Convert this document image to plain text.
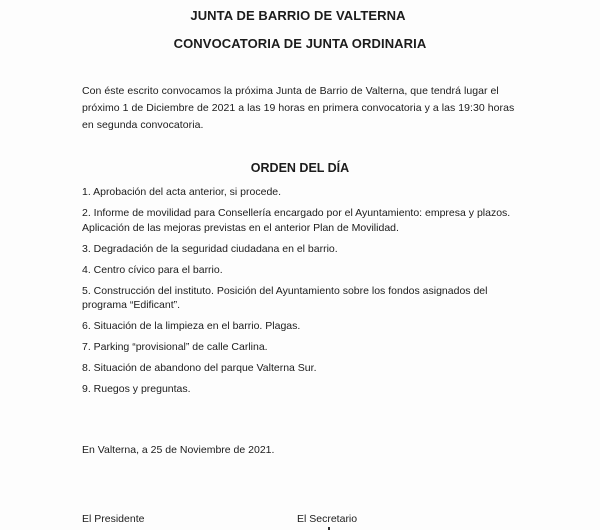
JUNTA DE BARRIO DE VALTERNA
CONVOCATORIA DE JUNTA ORDINARIA

Con éste escrito convocamos la próxima Junta de Barrio de Valterna, que tendrá lugar el próximo 1 de Diciembre de 2021 a las 19 horas en primera convocatoria y a las 19:30 horas en segunda convocatoria.

ORDEN DEL DÍA
1. Aprobación del acta anterior, si procede.
2. Informe de movilidad para Consellería encargado por el Ayuntamiento: empresa y plazos. Aplicación de las mejoras previstas en el anterior Plan de Movilidad.
3. Degradación de la seguridad ciudadana en el barrio.
4. Centro cívico para el barrio.
5. Construcción del instituto. Posición del Ayuntamiento sobre los fondos asignados del programa “Edificant”.
6. Situación de la limpieza en el barrio. Plagas.
7. Parking “provisional” de calle Carlina.
8. Situación de abandono del parque Valterna Sur.
9. Ruegos y preguntas.
En Valterna, a 25 de Noviembre de 2021.
El Presidente	El Secretario
